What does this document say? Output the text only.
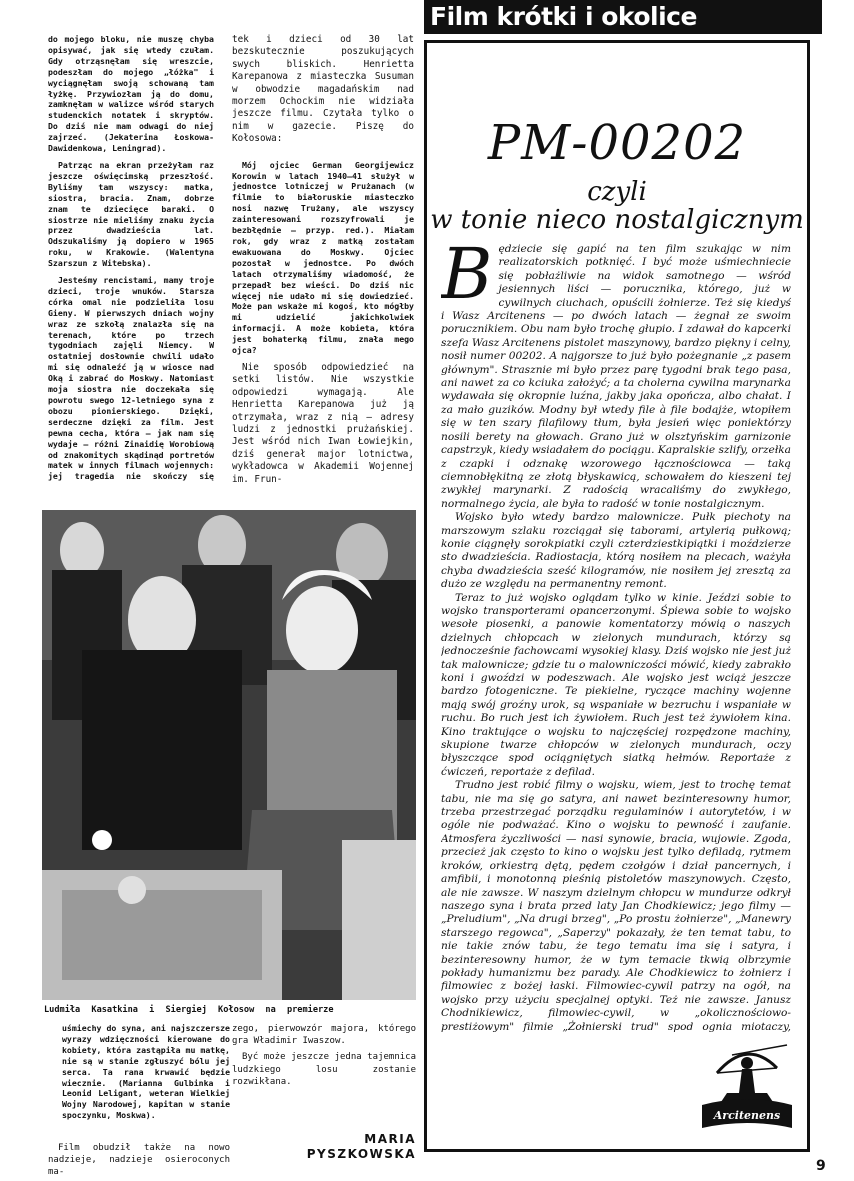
do mojego bloku, nie muszę chyba opisywać, jak się wtedy czułam. Gdy otrząsnęłam się wreszcie, podeszłam do mojego „łóżka" i wyciągnęłam swoją schowaną tam łyżkę. Przywiozłam ją do domu, zamknęłam w walizce wśród starych studenckich notatek i skryptów. Do dziś nie mam odwagi do niej zajrzeć. (Jekaterina Łoskowa-Dawidenkowa, Leningrad).

Patrząc na ekran przeżyłam raz jeszcze oświęcimską przeszłość. Byliśmy tam wszyscy: matka, siostra, bracia. Znam, dobrze znam te dziecięce baraki. O siostrze nie mieliśmy znaku życia przez dwadzieścia lat. Odszukaliśmy ją dopiero w 1965 roku, w Krakowie. (Walentyna Szarszun z Witebska).

Jesteśmy rencistami, mamy troje dzieci, troje wnuków. Starsza córka omal nie podzieliła losu Gieny. W pierwszych dniach wojny wraz ze szkołą znalazła się na terenach, które po trzech tygodniach zajęli Niemcy. W ostatniej dosłownie chwili udało mi się odnaleźć ją w wiosce nad Oką i zabrać do Moskwy. Natomiast moja siostra nie doczekała się powrotu swego 12-letniego syna z obozu pionierskiego. Dzięki, serdeczne dzięki za film. Jest pewna cecha, która — jak nam się wydaje — różni Zinaidię Worobiową od znakomitych skądinąd portretów matek w innych filmach wojennych: jej tragedia nie skończy się

tek i dzieci od 30 lat bezskutecznie poszukujących swych bliskich. Henrietta Karepanowa z miasteczka Susuman w obwodzie magadańskim nad morzem Ochockim nie widziała jeszcze filmu. Czytała tylko o nim w gazecie. Piszę do Kołosowa:

Mój ojciec German Georgijewicz Korowin w latach 1940—41 służył w jednostce lotniczej w Prużanach (w filmie to białoruskie miasteczko nosi nazwę Trużany, ale wszyscy zainteresowani rozszyfrowali je bezbłędnie — przyp. red.). Miałam rok, gdy wraz z matką zostałam ewakuowana do Moskwy. Ojciec pozostał w jednostce. Po dwóch latach otrzymaliśmy wiadomość, że przepadł bez wieści. Do dziś nic więcej nie udało mi się dowiedzieć. Może pan wskaże mi kogoś, kto mógłby mi udzielić jakichkolwiek informacji. A może kobieta, która jest bohaterką filmu, znała mego ojca?

Nie sposób odpowiedzieć na setki listów. Nie wszystkie odpowiedzi wymagają. Ale Henrietta Karepanowa już ją otrzymała, wraz z nią — adresy ludzi z jednostki prużańskiej. Jest wśród nich Iwan Łowiejkin, dziś generał major lotnictwa, wykładowca w Akademii Wojennej im. Frun-

Ludmiła Kasatkina i Siergiej Kołosow na premierze

uśmiechy do syna, ani najszczersze wyrazy wdzięczności kierowane do kobiety, która zastąpiła mu matkę, nie są w stanie zgłuszyć bólu jej serca. Ta rana krwawić będzie wiecznie. (Marianna Gulbinka i Leonid Leligant, weteran Wielkiej Wojny Narodowej, kapitan w stanie spoczynku, Moskwa).

Film obudził także na nowo nadzieje, nadzieje osieroconych ma-

zego, pierwowzór majora, którego gra Władimir Iwaszow.

Być może jeszcze jedna tajemnica ludzkiego losu zostanie rozwikłana.

MARIA
PYSZKOWSKA
Film krótki i okolice
PM-00202
czyli
w tonie nieco nostalgicznym
B ędziecie się gapić na ten film szukając w nim realizatorskich potknięć. I być może uśmiechniecie się pobłażliwie na widok samotnego — wśród jesiennych liści — porucznika, którego, już w cywilnych ciuchach, opuścili żołnierze. Też się kiedyś i Wasz Arcitenens — po dwóch latach — żegnał ze swoim porucznikiem. Obu nam było trochę głupio. I zdawał do kapcerki szefa Wasz Arcitenens pistolet maszynowy, bardzo piękny i celny, nosił numer 00202. A najgorsze to już było pożegnanie „z pasem głównym". Strasznie mi było przez parę tygodni brak tego pasa, ani nawet za co kciuka założyć; a ta cholerna cywilna marynarka wydawała się okropnie luźna, jakby jaka opończa, albo chałat. I za mało guzików. Modny był wtedy file à file bodajże, wtopiłem się w ten szary filafilowy tłum, była jesień więc poniektórzy nosili berety na głowach. Grano już w olsztyńskim garnizonie capstrzyk, kiedy wsiadałem do pociągu. Kapralskie szlify, orzełka z czapki i odznakę wzorowego łącznościowca — taką ciemnobłękitną ze złotą błyskawicą, schowałem do kieszeni tej zwykłej marynarki. Z radością wracaliśmy do zwykłego, normalnego życia, ale była to radość w tonie nostalgicznym.

Wojsko było wtedy bardzo malownicze. Pułk piechoty na marszowym szlaku rozciągał się taborami, artylerią pułkową; konie ciągnęły sorokpiatki czyli czterdziestkipiątki i moździerze sto dwadzieścia. Radiostacja, którą nosiłem na plecach, ważyła chyba dwadzieścia sześć kilogramów, nie nosiłem jej zresztą za dużo ze względu na permanentny remont.

Teraz to już wojsko oglądam tylko w kinie. Jeździ sobie to wojsko transporterami opancerzonymi. Śpiewa sobie to wojsko wesołe piosenki, a panowie komentatorzy mówią o naszych dzielnych chłopcach w zielonych mundurach, którzy są jednocześnie fachowcami wysokiej klasy. Dziś wojsko nie jest już tak malownicze; gdzie tu o malowniczości mówić, kiedy zabrakło koni i gwoździ w podeszwach. Ale wojsko jest wciąż jeszcze bardzo fotogeniczne. Te piekielne, ryczące machiny wojenne mają swój groźny urok, są wspaniałe w bezruchu i wspaniałe w ruchu. Bo ruch jest ich żywiołem. Ruch jest też żywiołem kina. Kino traktujące o wojsku to najczęściej rozpędzone machiny, skupione twarze chłopców w zielonych mundurach, oczy błyszczące spod ociągniętych siatką hełmów. Reportaże z ćwiczeń, reportaże z defilad.

Trudno jest robić filmy o wojsku, wiem, jest to trochę temat tabu, nie ma się go satyra, ani nawet bezinteresowny humor, trzeba przestrzegać porządku regulaminów i autorytetów, i w ogóle nie podważać. Kino o wojsku to pewność i zaufanie. Atmosfera życzliwości — nasi synowie, bracia, wujowie. Zgoda, przecież jak często to kino o wojsku jest tylko defiladą, rytmem kroków, orkiestrą dętą, pędem czołgów i dział pancernych, i amfibii, i monotonną pieśnią pistoletów maszynowych. Często, ale nie zawsze. W naszym dzielnym chłopcu w mundurze odkrył naszego syna i brata przed laty Jan Chodkiewicz; jego filmy — „Preludium", „Na drugi brzeg", „Po prostu żołnierze", „Manewry starszego regowca", „Saperzy" pokazały, że ten temat tabu, to nie takie znów tabu, że tego tematu ima się i satyra, i bezinteresowny humor, że w tym temacie tkwią olbrzymie pokłady humanizmu bez parady. Ale Chodkiewicz to żołnierz i filmowiec z bożej łaski. Filmowiec-cywil patrzy na ogół, na wojsko przy użyciu specjalnej optyki. Też nie zawsze. Janusz Chodnikiewicz, filmowiec-cywil, w „okolicznościowo-prestiżowym" filmie „Żołnierski trud" spod ognia miotaczy,

Arcitenens
9
